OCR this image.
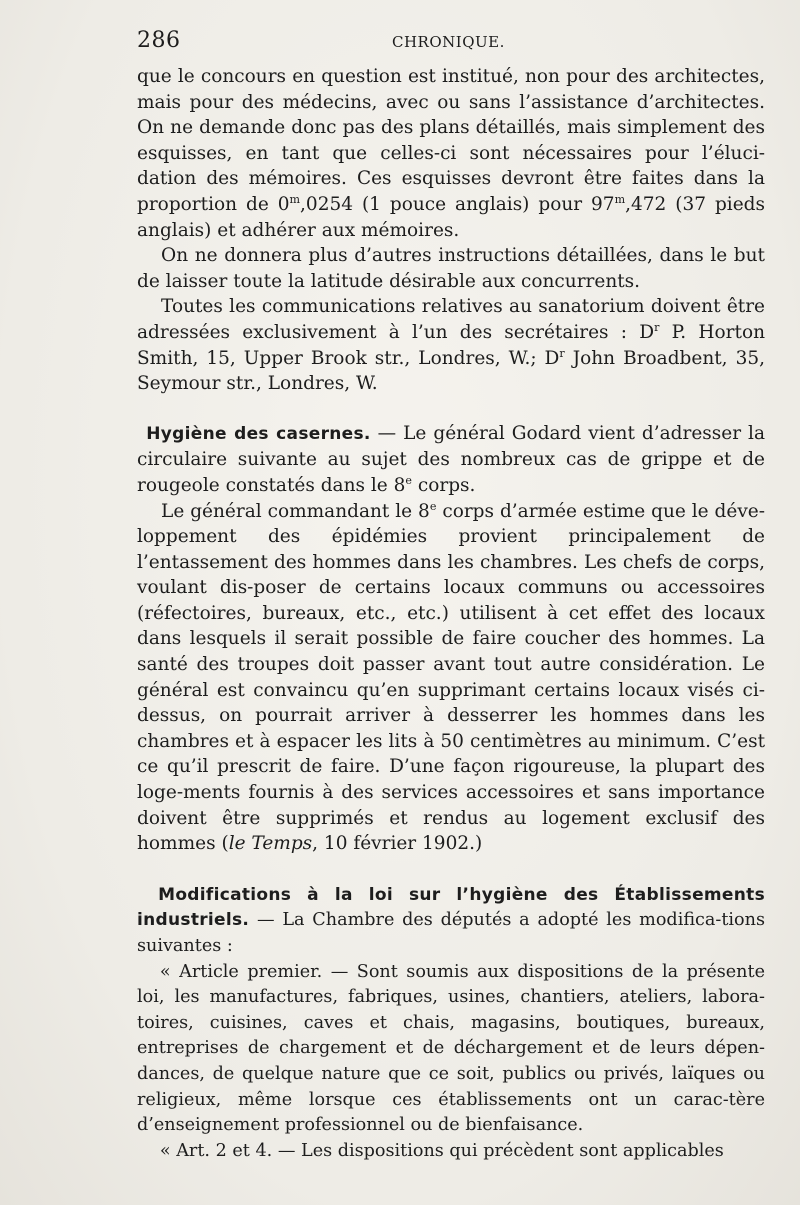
286	CHRONIQUE.

que le concours en question est institué, non pour des architectes, mais pour des médecins, avec ou sans l’assistance d’architectes. On ne demande donc pas des plans détaillés, mais simplement des esquisses, en tant que celles-ci sont nécessaires pour l’éluci-dation des mémoires. Ces esquisses devront être faites dans la proportion de 0$^m$,0254 (1 pouce anglais) pour 97$^m$,472 (37 pieds anglais) et adhérer aux mémoires.

On ne donnera plus d’autres instructions détaillées, dans le but de laisser toute la latitude désirable aux concurrents.

Toutes les communications relatives au sanatorium doivent être adressées exclusivement à l’un des secrétaires : $D^r$ P. Horton Smith, 15, Upper Brook str., Londres, W.; $D^r$ John Broadbent, 35, Seymour str., Londres, W.

Hygiène des casernes. — Le général Godard vient d’adresser la circulaire suivante au sujet des nombreux cas de grippe et de rougeole constatés dans le 8e corps.

Le général commandant le 8e corps d’armée estime que le déve-loppement des épidémies provient principalement de l’entassement des hommes dans les chambres. Les chefs de corps, voulant dis-poser de certains locaux communs ou accessoires (réfectoires, bureaux, etc., etc.) utilisent à cet effet des locaux dans lesquels il serait possible de faire coucher des hommes. La santé des troupes doit passer avant tout autre considération. Le général est convaincu qu’en supprimant certains locaux visés ci-dessus, on pourrait arriver à desserrer les hommes dans les chambres et à espacer les lits à 50 centimètres au minimum. C’est ce qu’il prescrit de faire. D’une façon rigoureuse, la plupart des loge-ments fournis à des services accessoires et sans importance doivent être supprimés et rendus au logement exclusif des hommes (le Temps, 10 février 1902.)

Modifications à la loi sur l’hygiène des Établissements industriels. — La Chambre des députés a adopté les modifica-tions suivantes :

« Article premier. — Sont soumis aux dispositions de la présente loi, les manufactures, fabriques, usines, chantiers, ateliers, labora-toires, cuisines, caves et chais, magasins, boutiques, bureaux, entreprises de chargement et de déchargement et de leurs dépen-dances, de quelque nature que ce soit, publics ou privés, laïques ou religieux, même lorsque ces établissements ont un carac-tère d’enseignement professionnel ou de bienfaisance.

« Art. 2 et 4. — Les dispositions qui précèdent sont applicables
